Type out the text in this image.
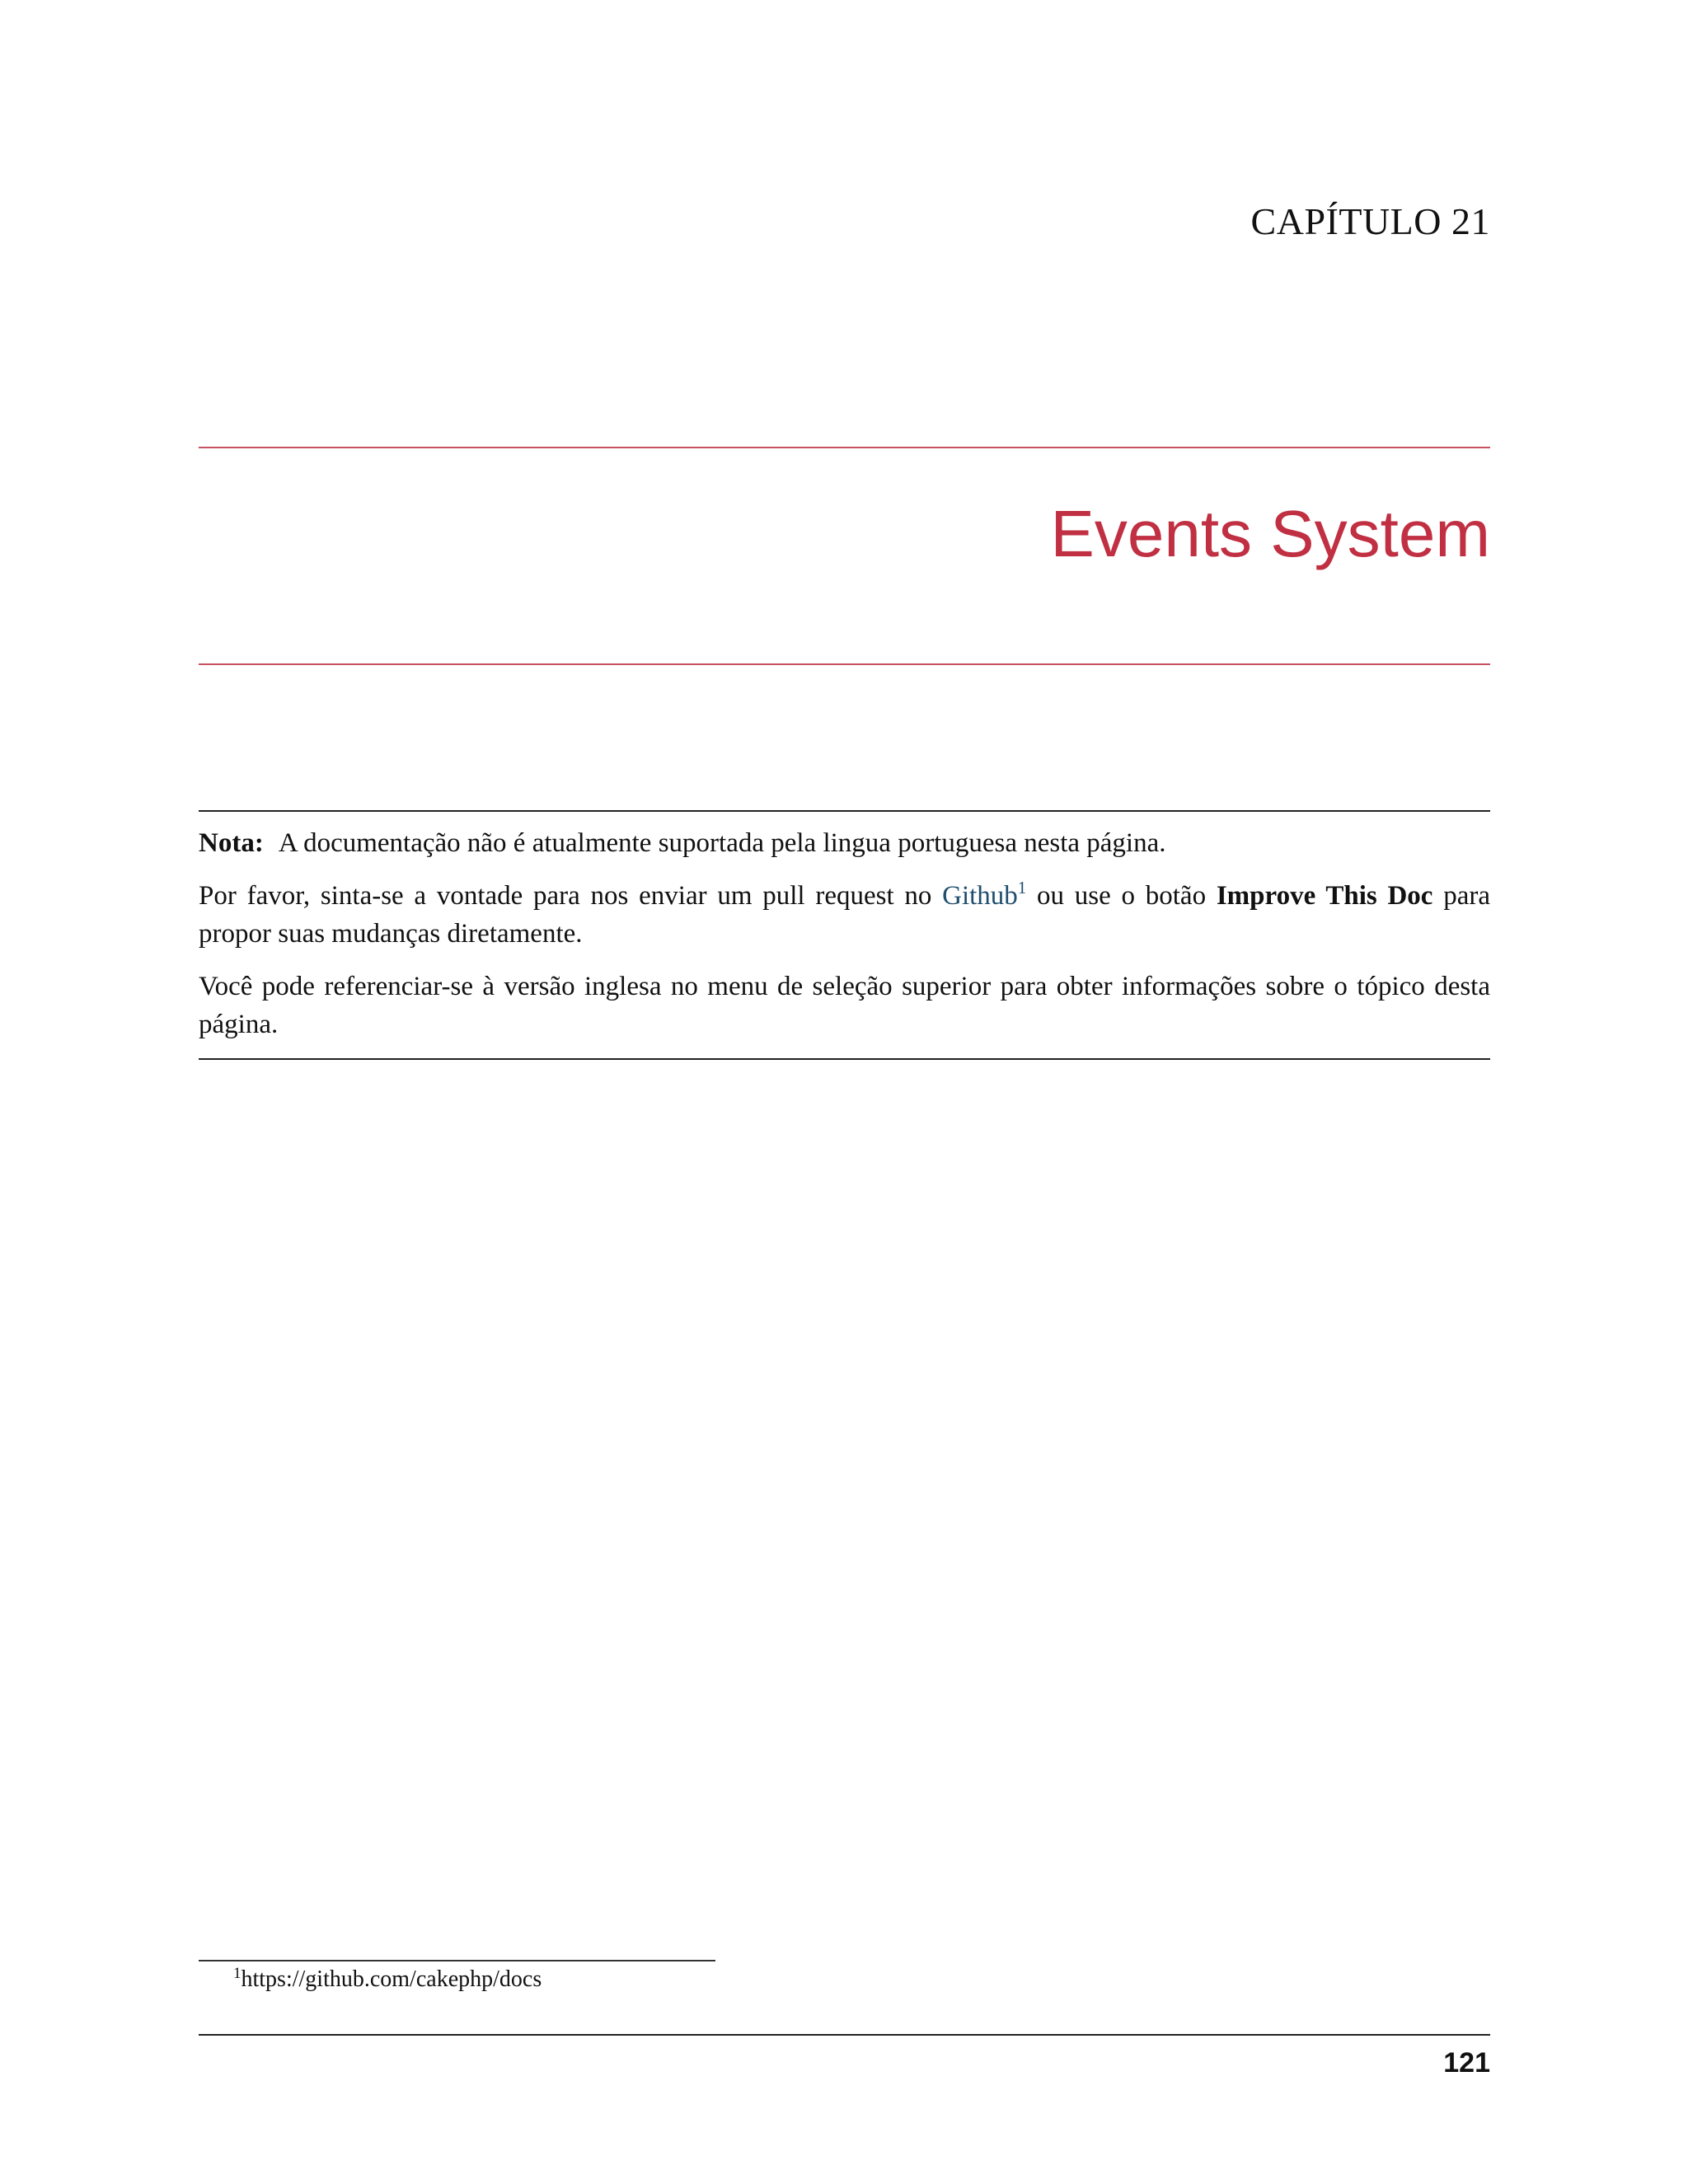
CAPÍTULO 21
Events System

Nota: A documentação não é atualmente suportada pela lingua portuguesa nesta página.

Por favor, sinta-se a vontade para nos enviar um pull request no Github$^1$ ou use o botão Improve This Doc para propor suas mudanças diretamente.

Você pode referenciar-se à versão inglesa no menu de seleção superior para obter informações sobre o tópico desta página.

$^1$https://github.com/cakephp/docs
121
